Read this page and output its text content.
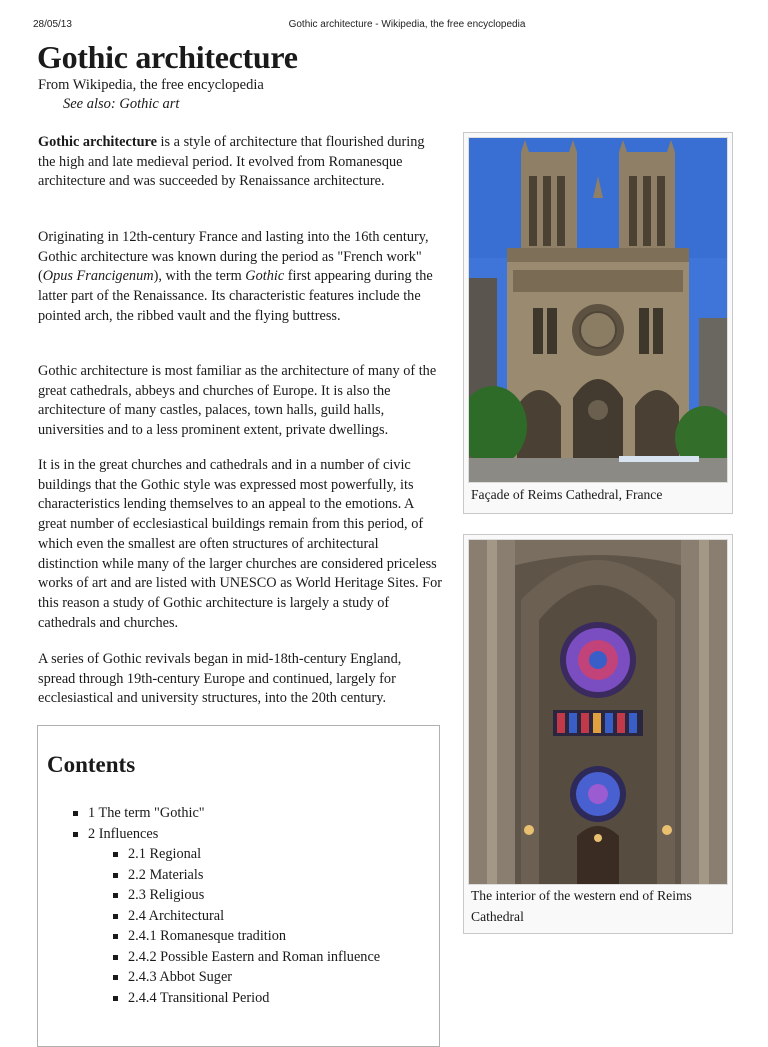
28/05/13	Gothic architecture - Wikipedia, the free encyclopedia
Gothic architecture
From Wikipedia, the free encyclopedia
See also: Gothic art

Gothic architecture is a style of architecture that flourished during the high and late medieval period. It evolved from Romanesque architecture and was succeeded by Renaissance architecture.

Originating in 12th-century France and lasting into the 16th century, Gothic architecture was known during the period as "French work" (Opus Francigenum), with the term Gothic first appearing during the latter part of the Renaissance. Its characteristic features include the pointed arch, the ribbed vault and the flying buttress.

Gothic architecture is most familiar as the architecture of many of the great cathedrals, abbeys and churches of Europe. It is also the architecture of many castles, palaces, town halls, guild halls, universities and to a less prominent extent, private dwellings.

It is in the great churches and cathedrals and in a number of civic buildings that the Gothic style was expressed most powerfully, its characteristics lending themselves to an appeal to the emotions. A great number of ecclesiastical buildings remain from this period, of which even the smallest are often structures of architectural distinction while many of the larger churches are considered priceless works of art and are listed with UNESCO as World Heritage Sites. For this reason a study of Gothic architecture is largely a study of cathedrals and churches.

A series of Gothic revivals began in mid-18th-century England, spread through 19th-century Europe and continued, largely for ecclesiastical and university structures, into the 20th century.

Contents
1 The term "Gothic"
2 Influences
2.1 Regional
2.2 Materials
2.3 Religious
2.4 Architectural
2.4.1 Romanesque tradition
2.4.2 Possible Eastern and Roman influence
2.4.3 Abbot Suger
2.4.4 Transitional Period
Façade of Reims Cathedral, France
The interior of the western end of Reims Cathedral
